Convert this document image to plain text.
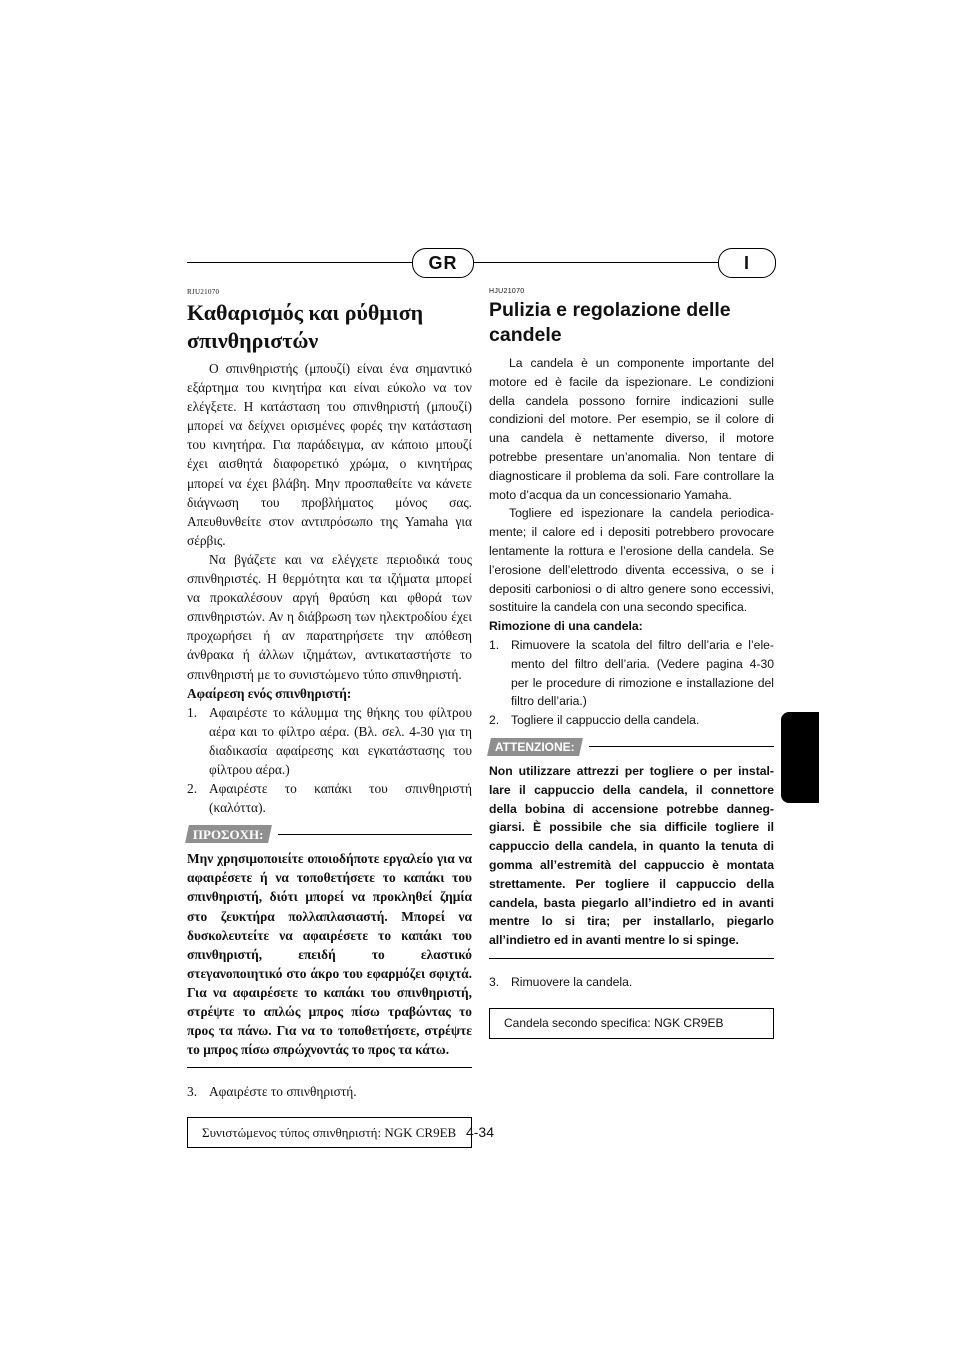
GR	I
RJU21070
Καθαρισμός και ρύθμιση
σπινθηριστών

Ο σπινθηριστής (μπουζί) είναι ένα σημαντικό εξάρτημα του κινητήρα και είναι εύκολο να τον ελέγξετε. Η κατάσταση του σπινθηριστή (μπουζί) μπορεί να δείχνει ορισμένες φορές την κατάσταση του κινητήρα. Για παράδειγμα, αν κάποιο μπουζί έχει αισθητά διαφορετικό χρώμα, ο κινητήρας μπορεί να έχει βλάβη. Μην προσπαθείτε να κάνετε διάγνωση του προβλήματος μόνος σας. Απευθυνθείτε στον αντιπρόσωπο της Yamaha για σέρβις.

Να βγάζετε και να ελέγχετε περιοδικά τους σπινθηριστές. Η θερμότητα και τα ιζήματα μπορεί να προκαλέσουν αργή θραύση και φθορά των σπινθηριστών. Αν η διάβρωση των ηλεκτροδίου έχει προχωρήσει ή αν παρατηρήσετε την απόθεση άνθρακα ή άλλων ιζημάτων, αντικαταστήστε το σπινθηριστή με το συνιστώμενο τύπο σπινθηριστή.

Αφαίρεση ενός σπινθηριστή:

1. Αφαιρέστε το κάλυμμα της θήκης του φίλτρου αέρα και το φίλτρο αέρα. (Βλ. σελ. 4-30 για τη διαδικασία αφαίρεσης και εγκατάστασης του φίλτρου αέρα.)
2. Αφαιρέστε το καπάκι του σπινθηριστή (καλόττα).
ΠΡΟΣΟΧΗ:
Μην χρησιμοποιείτε οποιοδήποτε εργαλείο για να αφαιρέσετε ή να τοποθετήσετε το καπάκι του σπινθηριστή, διότι μπορεί να προκληθεί ζημία στο ζευκτήρα πολλαπλασιαστή. Μπορεί να δυσκολευτείτε να αφαιρέσετε το καπάκι του σπινθηριστή, επειδή το ελαστικό στεγανοποιητικό στο άκρο του εφαρμόζει σφιχτά. Για να αφαιρέσετε το καπάκι του σπινθηριστή, στρέψτε το απλώς μπρος πίσω τραβώντας το προς τα πάνω. Για να το τοποθετήσετε, στρέψτε το μπρος πίσω σπρώχνοντάς το προς τα κάτω.
3. Αφαιρέστε το σπινθηριστή.
Συνιστώμενος τύπος σπινθηριστή: NGK CR9EB
HJU21070
Pulizia e regolazione delle
candele

La candela è un componente importante del motore ed è facile da ispezionare. Le condizioni della candela possono fornire indicazioni sulle condizioni del motore. Per esempio, se il colore di una candela è nettamente diverso, il motore potrebbe presentare un’anomalia. Non tentare di diagnosticare il problema da soli. Fare controllare la moto d’acqua da un concessionario Yamaha.

Togliere ed ispezionare la candela periodica-mente; il calore ed i depositi potrebbero provocare lentamente la rottura e l’erosione della candela. Se l’erosione dell’elettrodo diventa eccessiva, o se i depositi carboniosi o di altro genere sono eccessivi, sostituire la candela con una secondo specifica.

Rimozione di una candela:

1. Rimuovere la scatola del filtro dell’aria e l’ele-mento del filtro dell’aria. (Vedere pagina 4-30 per le procedure di rimozione e installazione del filtro dell’aria.)
2. Togliere il cappuccio della candela.
ATTENZIONE:
Non utilizzare attrezzi per togliere o per instal-lare il cappuccio della candela, il connettore della bobina di accensione potrebbe danneg-giarsi. È possibile che sia difficile togliere il cappuccio della candela, in quanto la tenuta di gomma all’estremità del cappuccio è montata strettamente. Per togliere il cappuccio della candela, basta piegarlo all’indietro ed in avanti mentre lo si tira; per installarlo, piegarlo all’indietro ed in avanti mentre lo si spinge.
3. Rimuovere la candela.
Candela secondo specifica: NGK CR9EB
4-34
